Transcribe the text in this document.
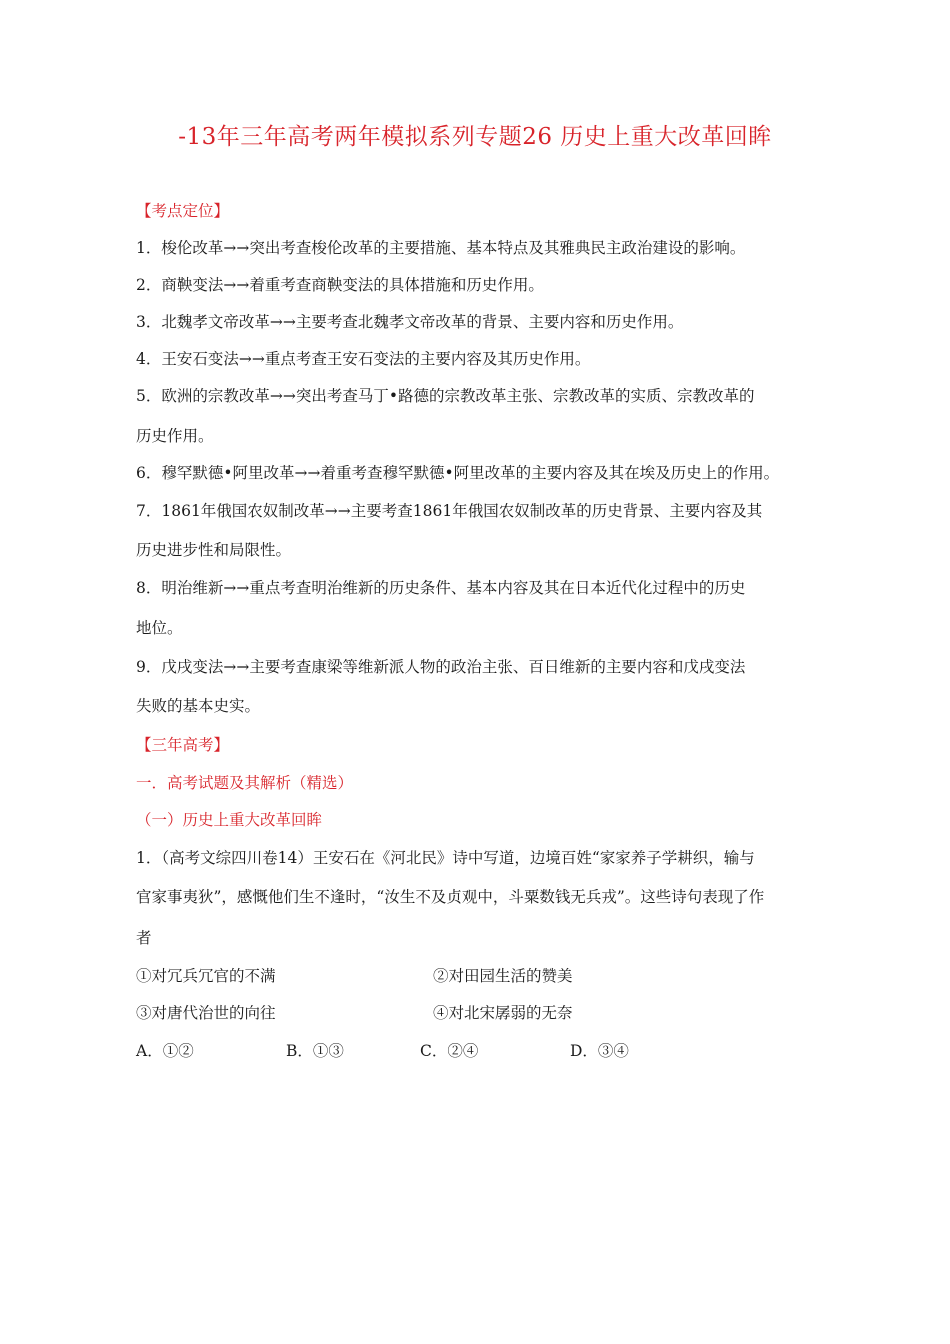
-13年三年高考两年模拟系列专题26 历史上重大改革回眸
【考点定位】
1．梭伦改革→→突出考查梭伦改革的主要措施、基本特点及其雅典民主政治建设的影响。
2．商鞅变法→→着重考查商鞅变法的具体措施和历史作用。
3．北魏孝文帝改革→→主要考查北魏孝文帝改革的背景、主要内容和历史作用。
4．王安石变法→→重点考查王安石变法的主要内容及其历史作用。
5．欧洲的宗教改革→→突出考查马丁•路德的宗教改革主张、宗教改革的实质、宗教改革的
历史作用。
6．穆罕默德•阿里改革→→着重考查穆罕默德•阿里改革的主要内容及其在埃及历史上的作用。
7．1861年俄国农奴制改革→→主要考查1861年俄国农奴制改革的历史背景、主要内容及其
历史进步性和局限性。
8．明治维新→→重点考查明治维新的历史条件、基本内容及其在日本近代化过程中的历史
地位。
9．戊戌变法→→主要考查康梁等维新派人物的政治主张、百日维新的主要内容和戊戌变法
失败的基本史实。
【三年高考】
一．高考试题及其解析（精选）
（一）历史上重大改革回眸
1．（高考文综四川卷14）王安石在《河北民》诗中写道，边境百姓“家家养子学耕织，输与
官家事夷狄”，感慨他们生不逢时，“汝生不及贞观中，斗粟数钱无兵戎”。这些诗句表现了作
者
①对冗兵冗官的不满	②对田园生活的赞美
③对唐代治世的向往	④对北宋孱弱的无奈
A．①②	B．①③	C．②④	D．③④
